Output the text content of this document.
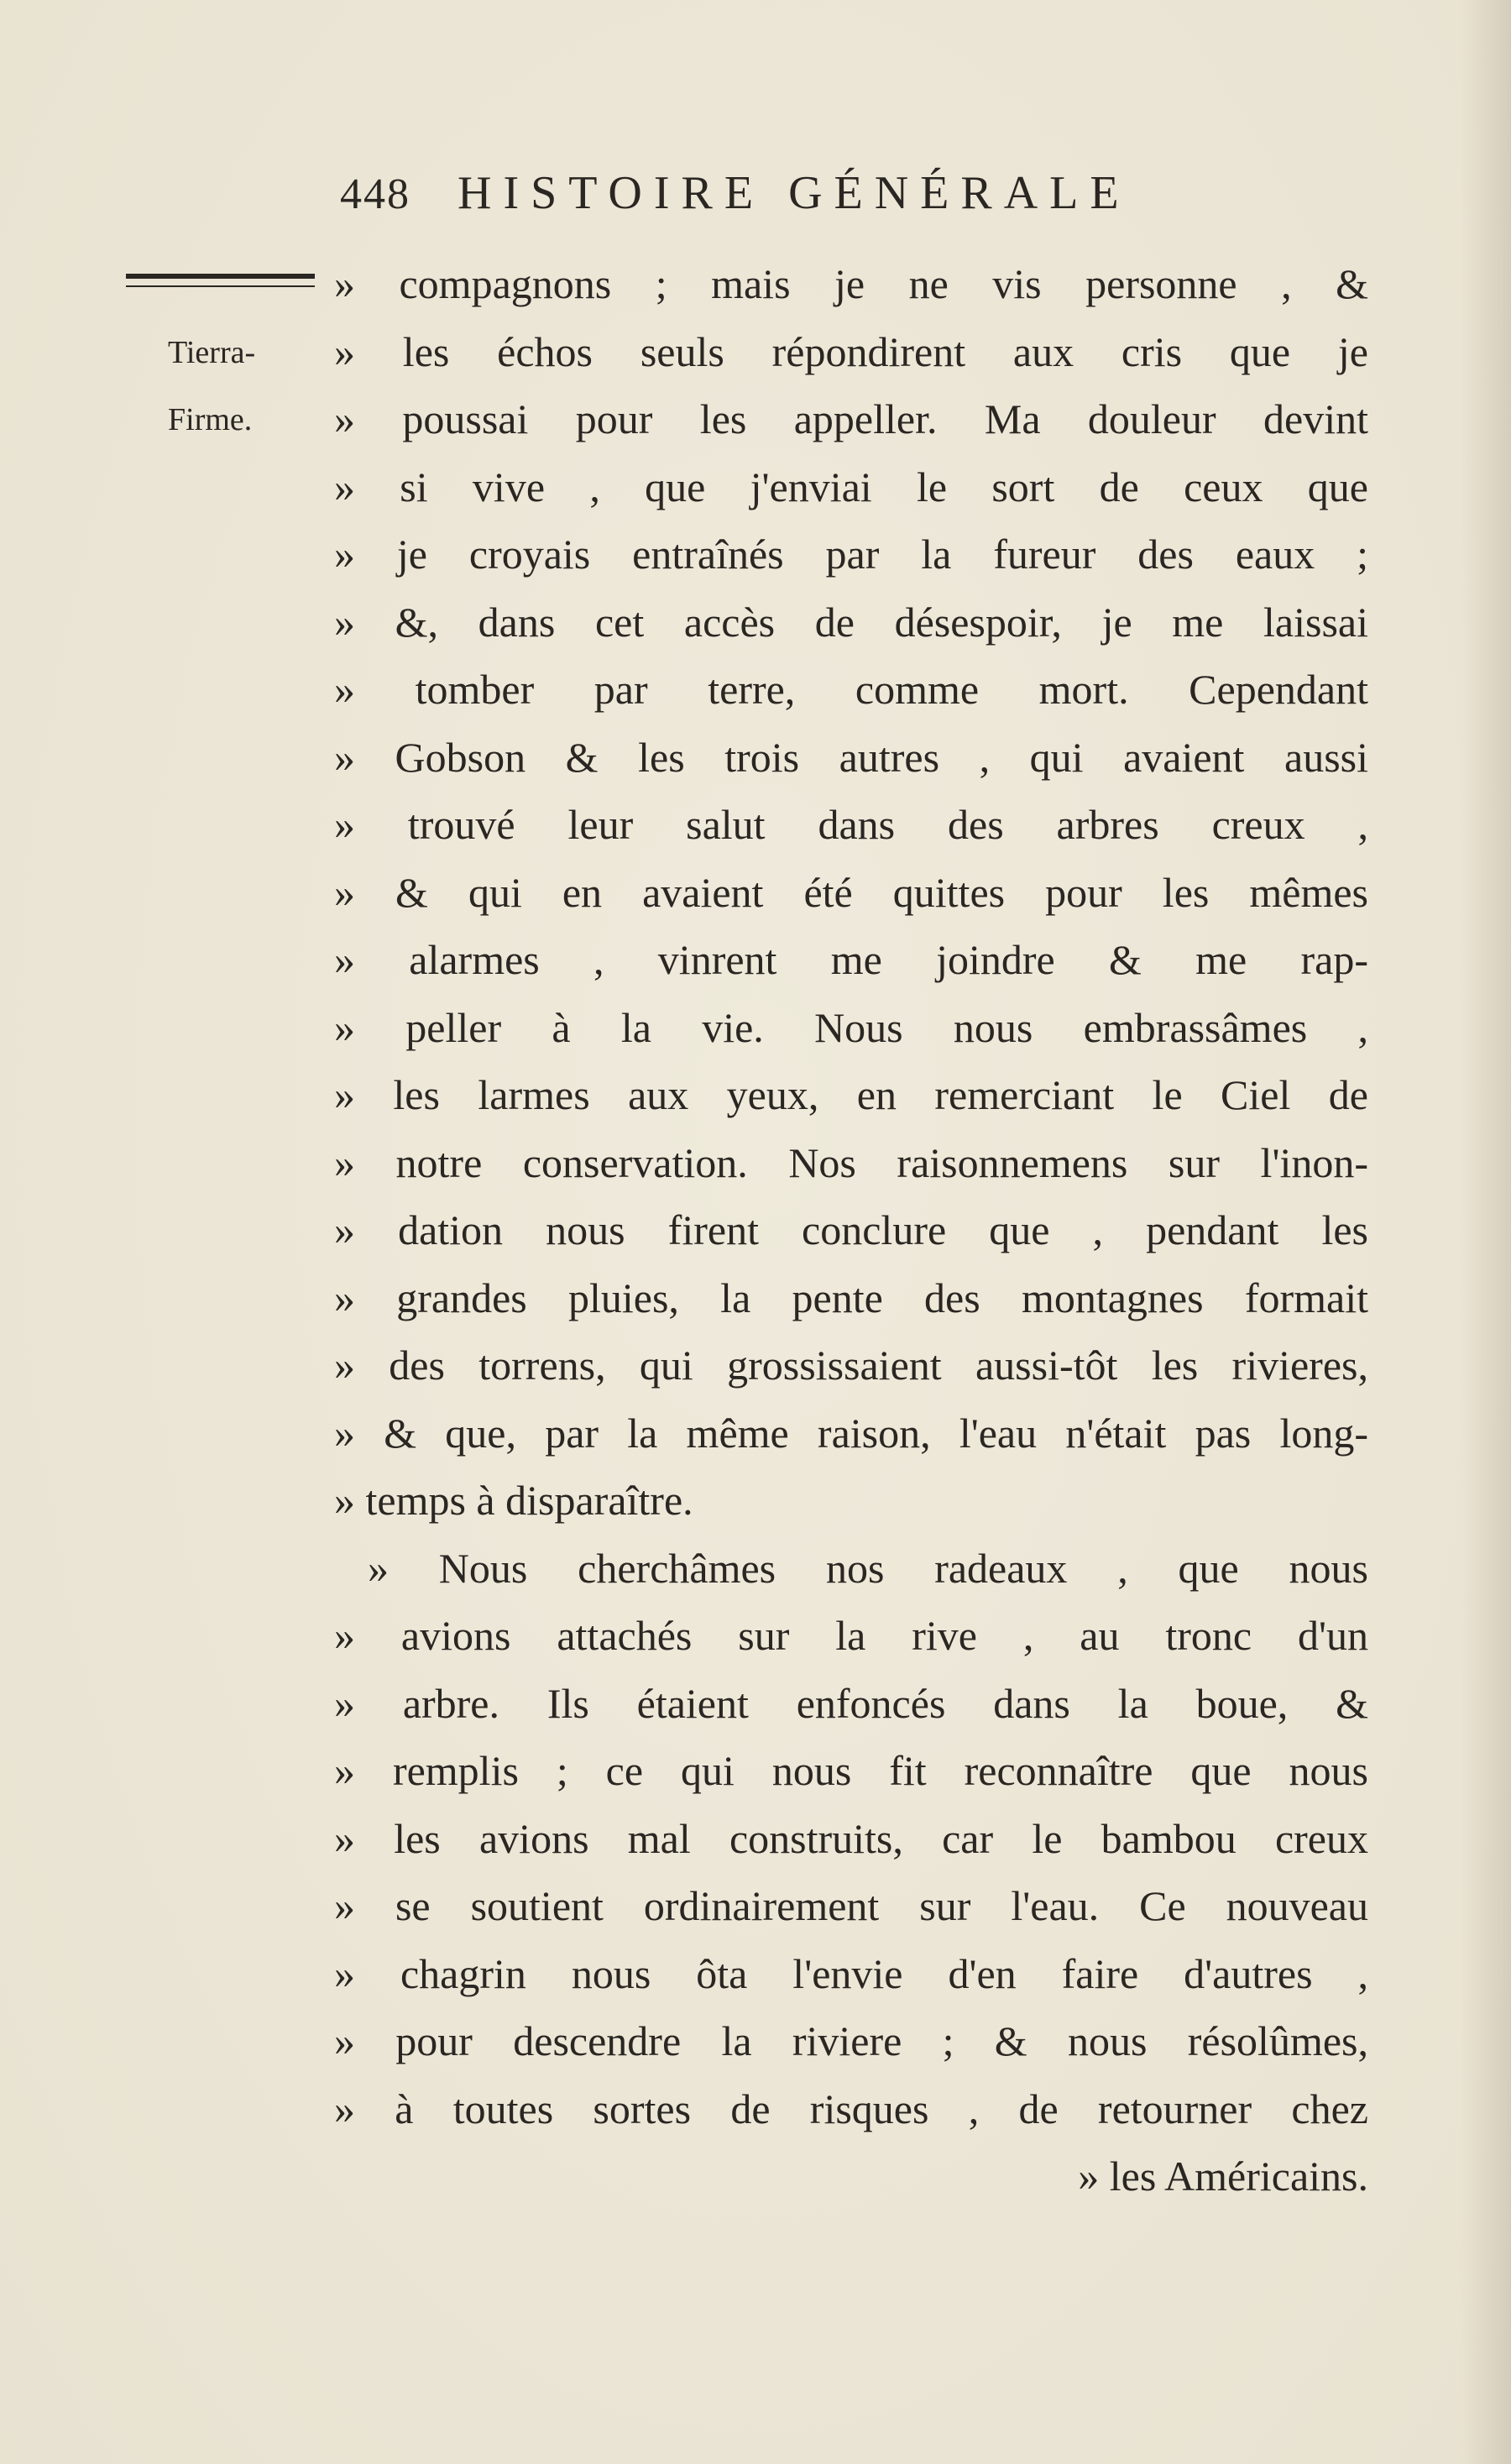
448 HISTOIRE GÉNÉRALE
Tierra-
Firme.
» compagnons ; mais je ne vis personne , &
» les échos seuls répondirent aux cris que je
» poussai pour les appeller. Ma douleur devint
» si vive , que j'enviai le sort de ceux que
» je croyais entraînés par la fureur des eaux ;
» &, dans cet accès de désespoir, je me laissai
» tomber par terre, comme mort. Cependant
» Gobson & les trois autres , qui avaient aussi
» trouvé leur salut dans des arbres creux ,
» & qui en avaient été quittes pour les mêmes
» alarmes , vinrent me joindre & me rap-
» peller à la vie. Nous nous embrassâmes ,
» les larmes aux yeux, en remerciant le Ciel de
» notre conservation. Nos raisonnemens sur l'inon-
» dation nous firent conclure que , pendant les
» grandes pluies, la pente des montagnes formait
» des torrens, qui grossissaient aussi-tôt les rivieres,
» & que, par la même raison, l'eau n'était pas long-
» temps à disparaître.
» Nous cherchâmes nos radeaux , que nous
» avions attachés sur la rive , au tronc d'un
» arbre. Ils étaient enfoncés dans la boue, &
» remplis ; ce qui nous fit reconnaître que nous
» les avions mal construits, car le bambou creux
» se soutient ordinairement sur l'eau. Ce nouveau
» chagrin nous ôta l'envie d'en faire d'autres ,
» pour descendre la riviere ; & nous résolûmes,
» à toutes sortes de risques , de retourner chez
» les Américains.
